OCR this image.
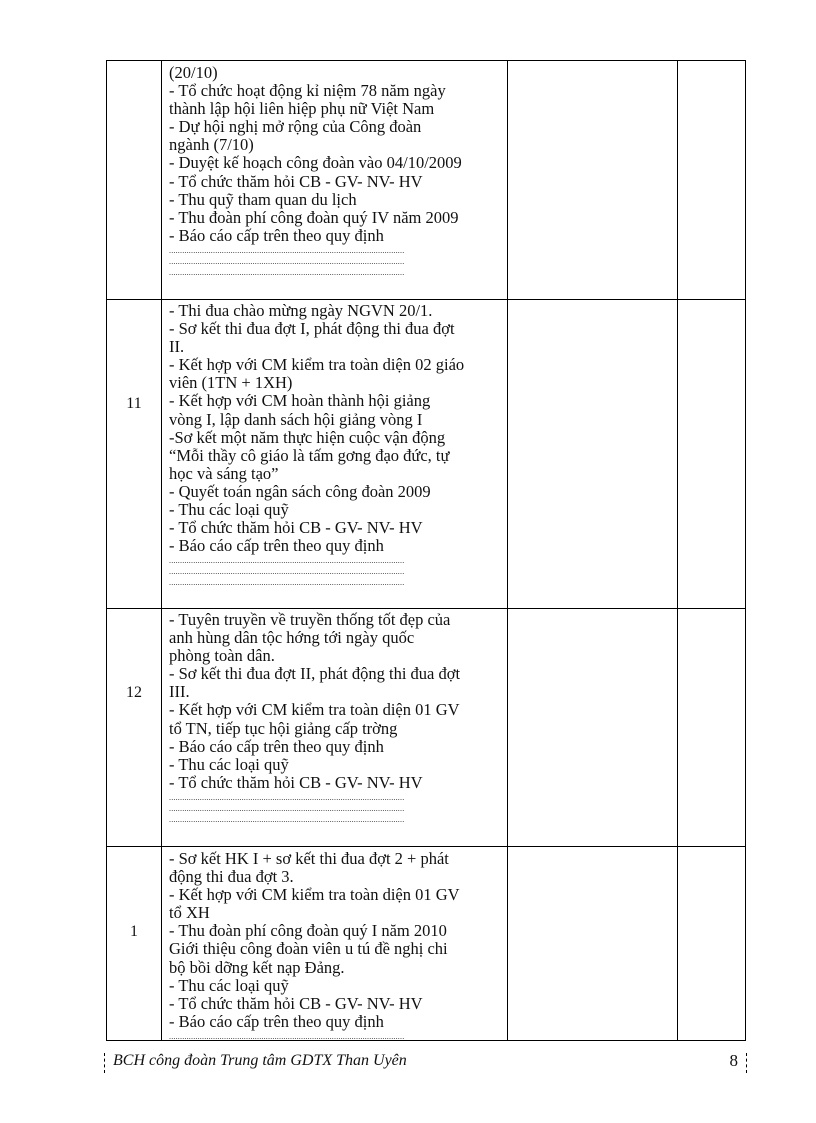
(20/10)
- Tổ chức hoạt động kỉ niệm 78 năm ngày
thành lập hội liên hiệp phụ nữ Việt Nam
- Dự hội nghị mở rộng của Công đoàn
ngành (7/10)
- Duyệt kế hoạch công đoàn vào 04/10/2009
- Tổ chức thăm hỏi CB - GV- NV- HV
- Thu quỹ tham quan du lịch
- Thu đoàn phí công đoàn quý IV năm 2009
- Báo cáo cấp trên theo quy định
...........................................................................................................
...........................................................................................................
...........................................................................................................
11
- Thi đua chào mừng ngày NGVN 20/1.
- Sơ kết thi đua đợt I, phát động thi đua đợt
II.
- Kết hợp với CM kiểm tra toàn diện 02 giáo
viên (1TN + 1XH)
- Kết hợp với CM hoàn thành hội giảng
vòng I, lập danh sách hội giảng vòng I
-Sơ kết một năm thực hiện cuộc vận động
“Mỗi thầy cô giáo là tấm gơng đạo đức, tự
học và sáng tạo”
- Quyết toán ngân sách công đoàn 2009
- Thu các loại quỹ
- Tổ chức thăm hỏi CB - GV- NV- HV
- Báo cáo cấp trên theo quy định
...........................................................................................................
...........................................................................................................
...........................................................................................................
12
- Tuyên truyền về truyền thống tốt đẹp của
anh hùng dân tộc hớng tới ngày quốc
phòng toàn dân.
- Sơ kết thi đua đợt II, phát động thi đua đợt
III.
- Kết hợp với CM kiểm tra toàn diện 01 GV
tổ TN, tiếp tục hội giảng cấp trờng
- Báo cáo cấp trên theo quy định
- Thu các loại quỹ
- Tổ chức thăm hỏi CB - GV- NV- HV
...........................................................................................................
...........................................................................................................
...........................................................................................................
1
- Sơ kết HK I + sơ kết thi đua đợt 2 + phát
động thi đua đợt 3.
- Kết hợp với CM kiểm tra toàn diện 01 GV
tổ XH
- Thu đoàn phí công đoàn quý I năm 2010
Giới thiệu công đoàn viên u tú đề nghị chi
bộ bồi dỡng kết nạp Đảng.
- Thu các loại quỹ
- Tổ chức thăm hỏi CB - GV- NV- HV
- Báo cáo cấp trên theo quy định
...........................................................................................................
BCH công đoàn Trung tâm GDTX Than Uyên	8
